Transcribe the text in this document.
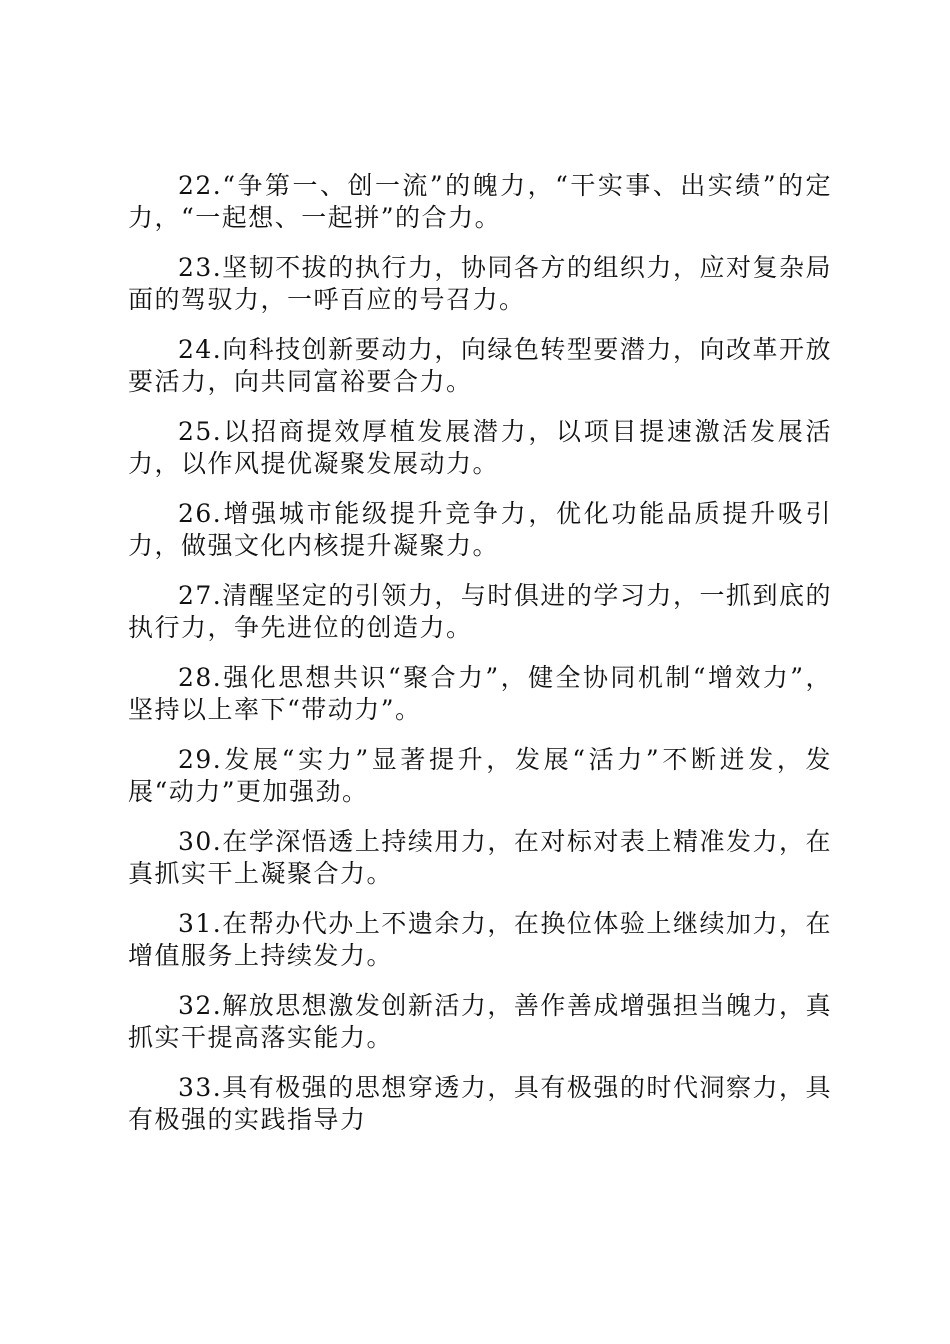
22.“争第一、创一流”的魄力，“干实事、出实绩”的定力，“一起想、一起拼”的合力。

23.坚韧不拔的执行力，协同各方的组织力，应对复杂局面的驾驭力，一呼百应的号召力。

24.向科技创新要动力，向绿色转型要潜力，向改革开放要活力，向共同富裕要合力。

25.以招商提效厚植发展潜力，以项目提速激活发展活力，以作风提优凝聚发展动力。

26.增强城市能级提升竞争力，优化功能品质提升吸引力，做强文化内核提升凝聚力。

27.清醒坚定的引领力，与时俱进的学习力，一抓到底的执行力，争先进位的创造力。

28.强化思想共识“聚合力”，健全协同机制“增效力”，坚持以上率下“带动力”。

29.发展“实力”显著提升，发展“活力”不断迸发，发展“动力”更加强劲。

30.在学深悟透上持续用力，在对标对表上精准发力，在真抓实干上凝聚合力。

31.在帮办代办上不遗余力，在换位体验上继续加力，在增值服务上持续发力。

32.解放思想激发创新活力，善作善成增强担当魄力，真抓实干提高落实能力。

33.具有极强的思想穿透力，具有极强的时代洞察力，具有极强的实践指导力
